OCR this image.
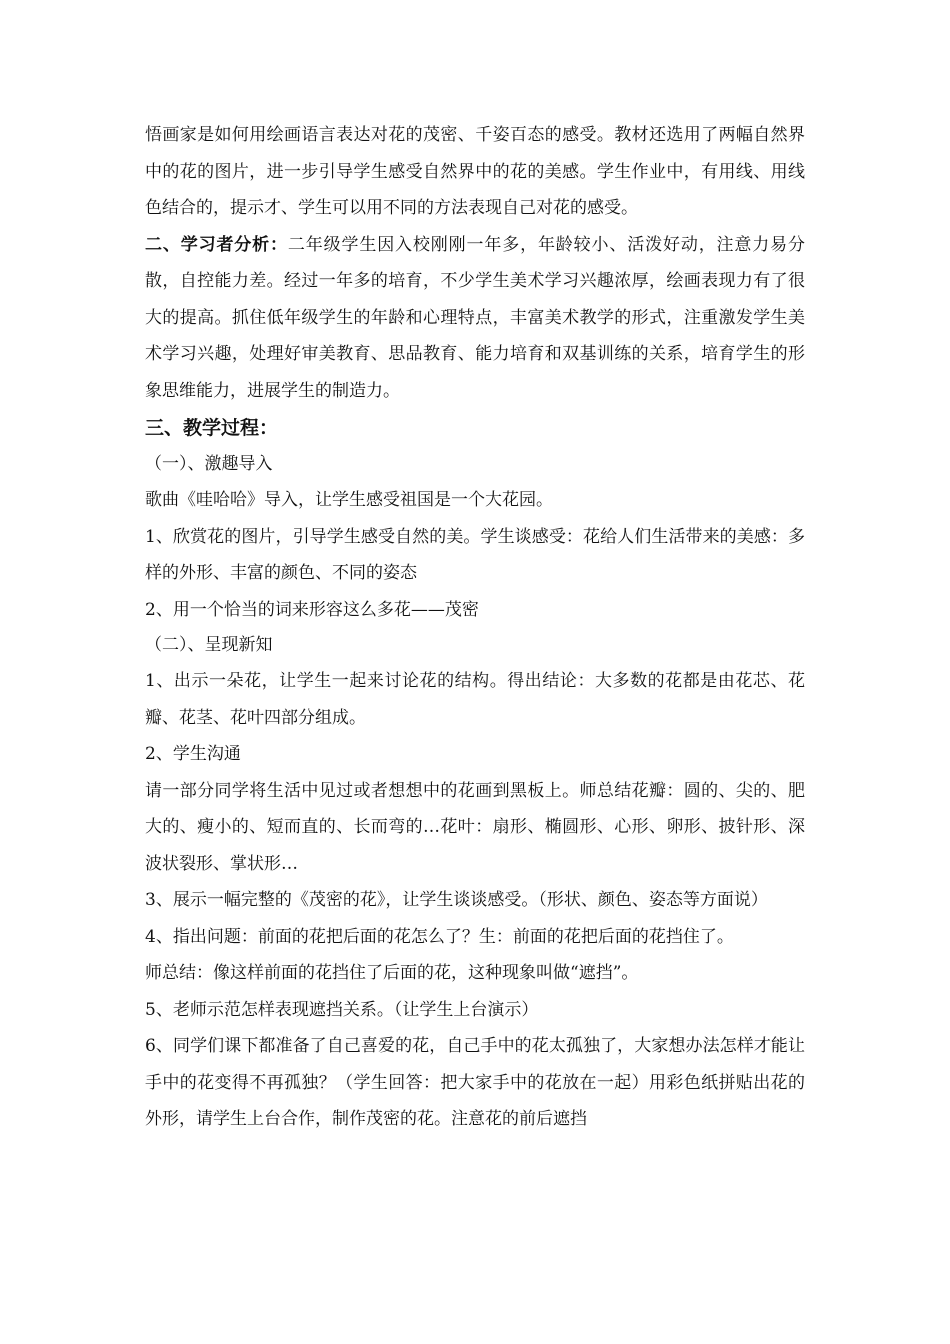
悟画家是如何用绘画语言表达对花的茂密、千姿百态的感受。教材还选用了两幅自然界中的花的图片，进一步引导学生感受自然界中的花的美感。学生作业中，有用线、用线色结合的，提示才、学生可以用不同的方法表现自己对花的感受。

二、学习者分析：二年级学生因入校刚刚一年多，年龄较小、活泼好动，注意力易分散，自控能力差。经过一年多的培育，不少学生美术学习兴趣浓厚，绘画表现力有了很大的提高。抓住低年级学生的年龄和心理特点，丰富美术教学的形式，注重激发学生美术学习兴趣，处理好审美教育、思品教育、能力培育和双基训练的关系，培育学生的形象思维能力，进展学生的制造力。

三、教学过程：

（一）、激趣导入

歌曲《哇哈哈》导入，让学生感受祖国是一个大花园。

1、欣赏花的图片，引导学生感受自然的美。学生谈感受：花给人们生活带来的美感：多样的外形、丰富的颜色、不同的姿态

2、用一个恰当的词来形容这么多花——茂密

（二）、呈现新知

1、出示一朵花，让学生一起来讨论花的结构。得出结论：大多数的花都是由花芯、花瓣、花茎、花叶四部分组成。

2、学生沟通

请一部分同学将生活中见过或者想想中的花画到黑板上。师总结花瓣：圆的、尖的、肥大的、瘦小的、短而直的、长而弯的…花叶：扇形、椭圆形、心形、卵形、披针形、深波状裂形、掌状形…

3、展示一幅完整的《茂密的花》，让学生谈谈感受。（形状、颜色、姿态等方面说）

4、指出问题：前面的花把后面的花怎么了？生：前面的花把后面的花挡住了。

师总结：像这样前面的花挡住了后面的花，这种现象叫做“遮挡”。

5、老师示范怎样表现遮挡关系。（让学生上台演示）

6、同学们课下都准备了自己喜爱的花，自己手中的花太孤独了，大家想办法怎样才能让手中的花变得不再孤独？（学生回答：把大家手中的花放在一起）用彩色纸拼贴出花的外形，请学生上台合作，制作茂密的花。注意花的前后遮挡
